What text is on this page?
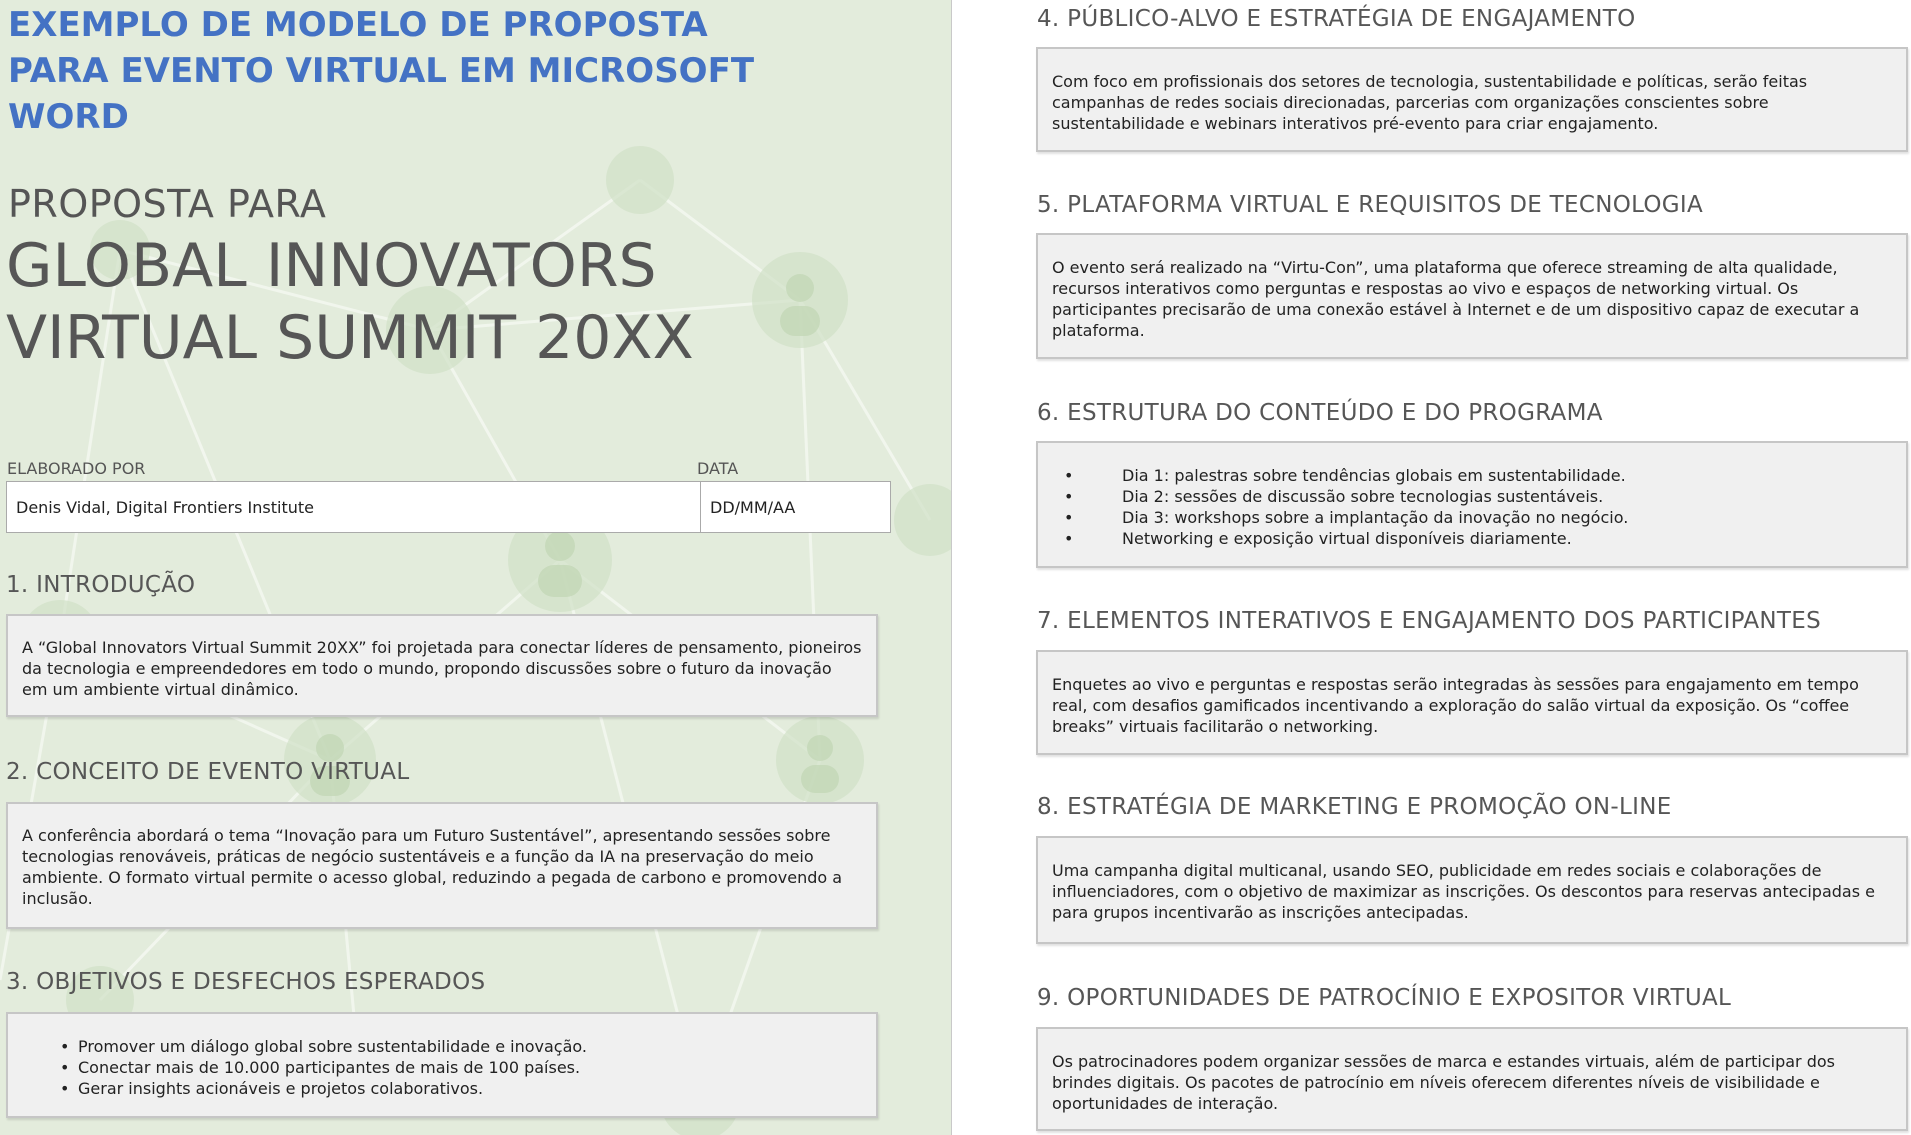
EXEMPLO DE MODELO DE PROPOSTA PARA EVENTO VIRTUAL EM MICROSOFT WORD
PROPOSTA PARA
GLOBAL INNOVATORS
VIRTUAL SUMMIT 20XX
ELABORADO POR	DATA
Denis Vidal, Digital Frontiers Institute	DD/MM/AA
1. INTRODUÇÃO

A “Global Innovators Virtual Summit 20XX” foi projetada para conectar líderes de pensamento, pioneiros da tecnologia e empreendedores em todo o mundo, propondo discussões sobre o futuro da inovação em um ambiente virtual dinâmico.

2. CONCEITO DE EVENTO VIRTUAL

A conferência abordará o tema “Inovação para um Futuro Sustentável”, apresentando sessões sobre tecnologias renováveis, práticas de negócio sustentáveis e a função da IA na preservação do meio ambiente. O formato virtual permite o acesso global, reduzindo a pegada de carbono e promovendo a inclusão.

3. OBJETIVOS E DESFECHOS ESPERADOS
• Promover um diálogo global sobre sustentabilidade e inovação.
• Conectar mais de 10.000 participantes de mais de 100 países.
• Gerar insights acionáveis e projetos colaborativos.
4. PÚBLICO-ALVO E ESTRATÉGIA DE ENGAJAMENTO

Com foco em profissionais dos setores de tecnologia, sustentabilidade e políticas, serão feitas campanhas de redes sociais direcionadas, parcerias com organizações conscientes sobre sustentabilidade e webinars interativos pré-evento para criar engajamento.

5. PLATAFORMA VIRTUAL E REQUISITOS DE TECNOLOGIA

O evento será realizado na “Virtu-Con”, uma plataforma que oferece streaming de alta qualidade, recursos interativos como perguntas e respostas ao vivo e espaços de networking virtual. Os participantes precisarão de uma conexão estável à Internet e de um dispositivo capaz de executar a plataforma.

6. ESTRUTURA DO CONTEÚDO E DO PROGRAMA
• Dia 1: palestras sobre tendências globais em sustentabilidade.
• Dia 2: sessões de discussão sobre tecnologias sustentáveis.
• Dia 3: workshops sobre a implantação da inovação no negócio.
• Networking e exposição virtual disponíveis diariamente.
7. ELEMENTOS INTERATIVOS E ENGAJAMENTO DOS PARTICIPANTES

Enquetes ao vivo e perguntas e respostas serão integradas às sessões para engajamento em tempo real, com desafios gamificados incentivando a exploração do salão virtual da exposição. Os “coffee breaks” virtuais facilitarão o networking.

8. ESTRATÉGIA DE MARKETING E PROMOÇÃO ON-LINE

Uma campanha digital multicanal, usando SEO, publicidade em redes sociais e colaborações de influenciadores, com o objetivo de maximizar as inscrições. Os descontos para reservas antecipadas e para grupos incentivarão as inscrições antecipadas.

9. OPORTUNIDADES DE PATROCÍNIO E EXPOSITOR VIRTUAL

Os patrocinadores podem organizar sessões de marca e estandes virtuais, além de participar dos brindes digitais. Os pacotes de patrocínio em níveis oferecem diferentes níveis de visibilidade e oportunidades de interação.
